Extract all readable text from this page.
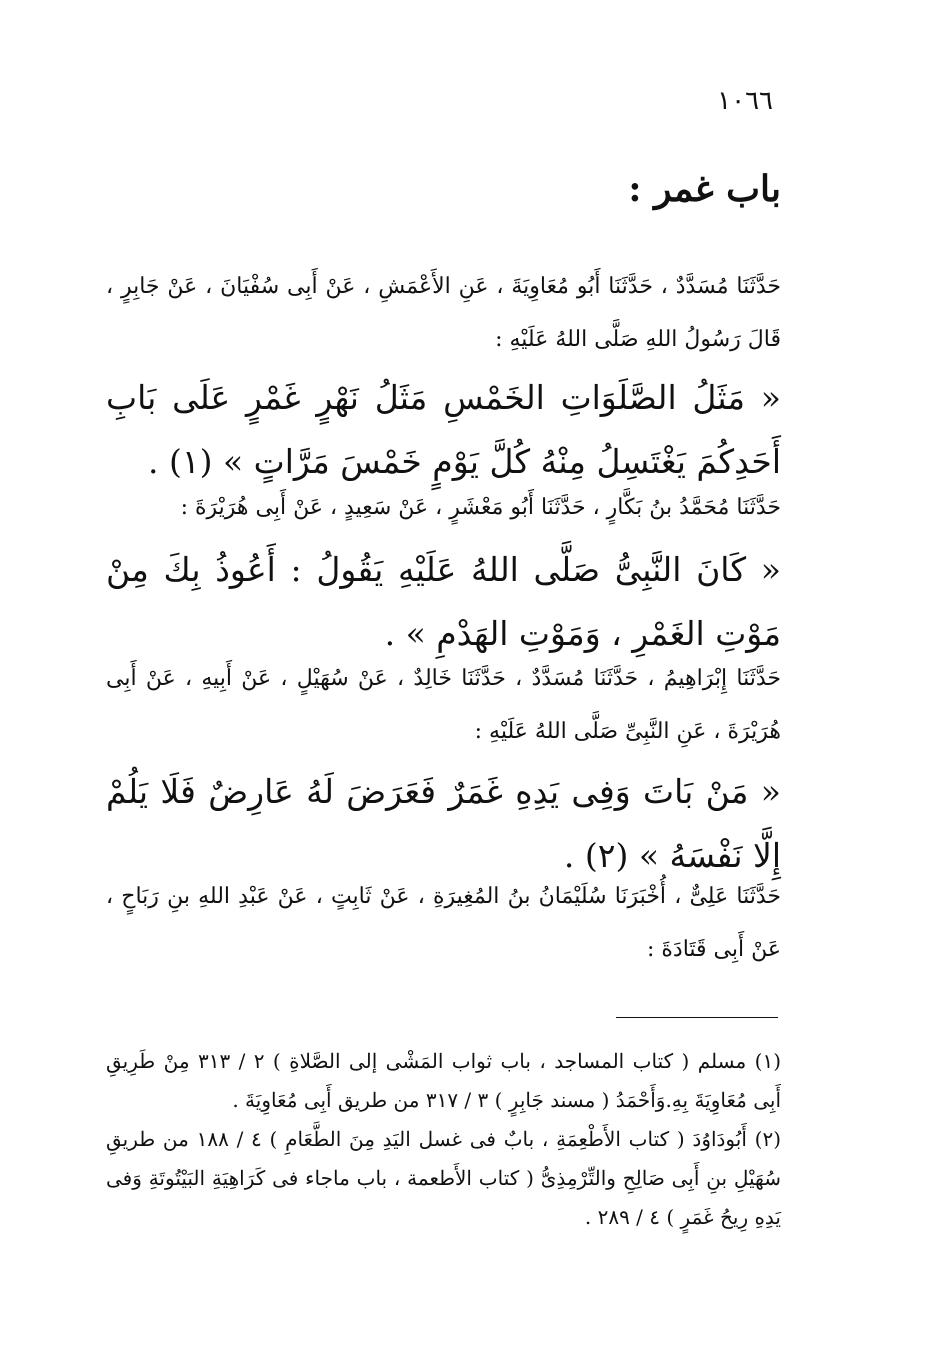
١٠٦٦
باب غمر :
حَدَّثَنَا مُسَدَّدٌ ، حَدَّثَنَا أَبُو مُعَاوِيَةَ ، عَنِ الأَعْمَشِ ، عَنْ أَبِى سُفْيَانَ ، عَنْ جَابِرٍ ، قَالَ رَسُولُ اللهِ صَلَّى اللهُ عَلَيْهِ :
« مَثَلُ الصَّلَوَاتِ الخَمْسِ مَثَلُ نَهْرٍ غَمْرٍ عَلَى بَابِ أَحَدِكُمَ يَغْتَسِلُ مِنْهُ كُلَّ يَوْمٍ خَمْسَ مَرَّاتٍ » (١) .
حَدَّثَنَا مُحَمَّدُ بنُ بَكَّارٍ ، حَدَّثَنَا أَبُو مَعْشَرٍ ، عَنْ سَعِيدٍ ، عَنْ أَبِى هُرَيْرَةَ :
« كَانَ النَّبِىُّ صَلَّى اللهُ عَلَيْهِ يَقُولُ : أَعُوذُ بِكَ مِنْ مَوْتِ الغَمْرِ ، وَمَوْتِ الهَدْمِ » .
حَدَّثَنَا إِبْرَاهِيمُ ، حَدَّثَنَا مُسَدَّدٌ ، حَدَّثَنَا خَالِدٌ ، عَنْ سُهَيْلٍ ، عَنْ أَبِيهِ ، عَنْ أَبِى هُرَيْرَةَ ، عَنِ النَّبِىِّ صَلَّى اللهُ عَلَيْهِ :
« مَنْ بَاتَ وَفِى يَدِهِ غَمَرٌ فَعَرَضَ لَهُ عَارِضٌ فَلَا يَلُمْ إِلَّا نَفْسَهُ » (٢) .
حَدَّثَنَا عَلِىٌّ ، أُخْبَرَنَا سُلَيْمَانُ بنُ المُغِيرَةِ ، عَنْ ثَابِتٍ ، عَنْ عَبْدِ اللهِ بنِ رَبَاحٍ ، عَنْ أَبِى قَتَادَةَ :

(١) مسلم ( كتاب المساجد ، باب ثواب المَشْى إلى الصَّلاةِ ) ٢ / ٣١٣ مِنْ طَرِيقِ أَبِى مُعَاوِيَةَ بِهِ.وَأَحْمَدُ ( مسند جَابِرٍ ) ٣ / ٣١٧ من طريق أَبِى مُعَاوِيَةَ .

(٢) أَبُودَاوُدَ ( كتاب الأَطْعِمَةِ ، بابٌ فى غسل اليَدِ مِنَ الطَّعَامِ ) ٤ / ١٨٨ من طريقِ سُهَيْلِ بنِ أَبِى صَالِحِ والتِّرْمِذِىُّ ( كتاب الأَطعمة ، باب ماجاء فى كَرَاهِيَةِ البَيْتُوتَةِ وَفى يَدِهِ رِيحُ غَمَرٍ ) ٤ / ٢٨٩ .
